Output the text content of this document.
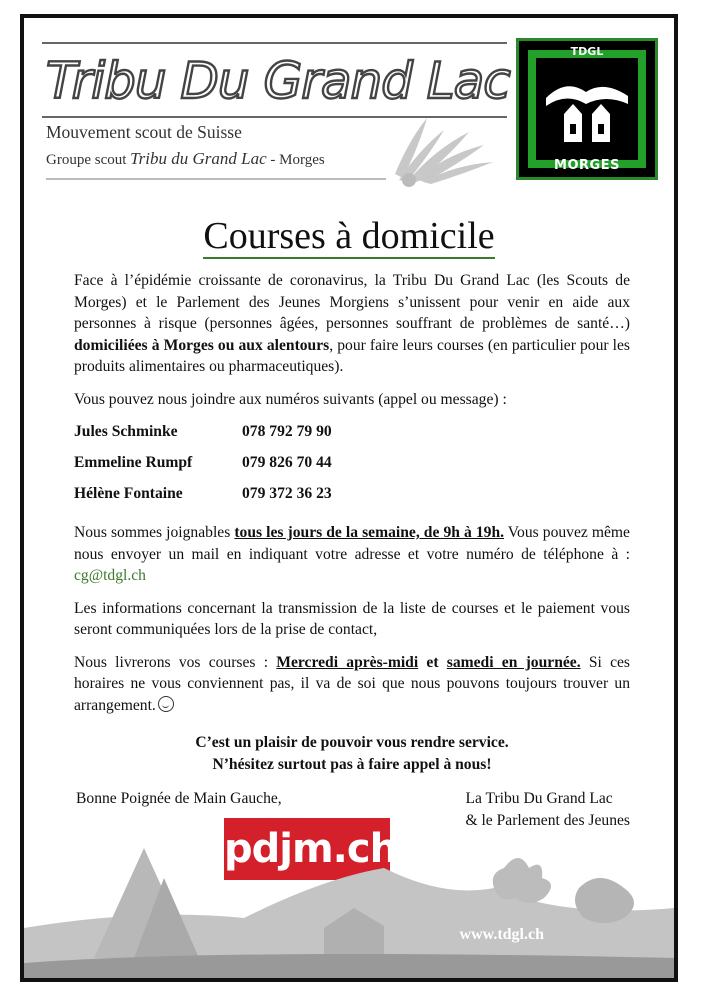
Tribu Du Grand Lac
Mouvement scout de Suisse
Groupe scout Tribu du Grand Lac - Morges
TDGL
MORGES
Courses à domicile

Face à l’épidémie croissante de coronavirus, la Tribu Du Grand Lac (les Scouts de Morges) et le Parlement des Jeunes Morgiens s’unissent pour venir en aide aux personnes à risque (personnes âgées, personnes souffrant de problèmes de santé…) domiciliées à Morges ou aux alentours, pour faire leurs courses (en particulier pour les produits alimentaires ou pharmaceutiques).

Vous pouvez nous joindre aux numéros suivants (appel ou message) :

Jules Schminke	078 792 79 90
Emmeline Rumpf	079 826 70 44
Hélène Fontaine	079 372 36 23

Nous sommes joignables tous les jours de la semaine, de 9h à 19h. Vous pouvez même nous envoyer un mail en indiquant votre adresse et votre numéro de téléphone à : cg@tdgl.ch

Les informations concernant la transmission de la liste de courses et le paiement vous seront communiquées lors de la prise de contact,

Nous livrerons vos courses : Mercredi après-midi et samedi en journée. Si ces horaires ne vous conviennent pas, il va de soi que nous pouvons toujours trouver un arrangement.

C’est un plaisir de pouvoir vous rendre service.
N’hésitez surtout pas à faire appel à nous!
Bonne Poignée de Main Gauche,	La Tribu Du Grand Lac
& le Parlement des Jeunes
pdjm.ch
www.tdgl.ch
